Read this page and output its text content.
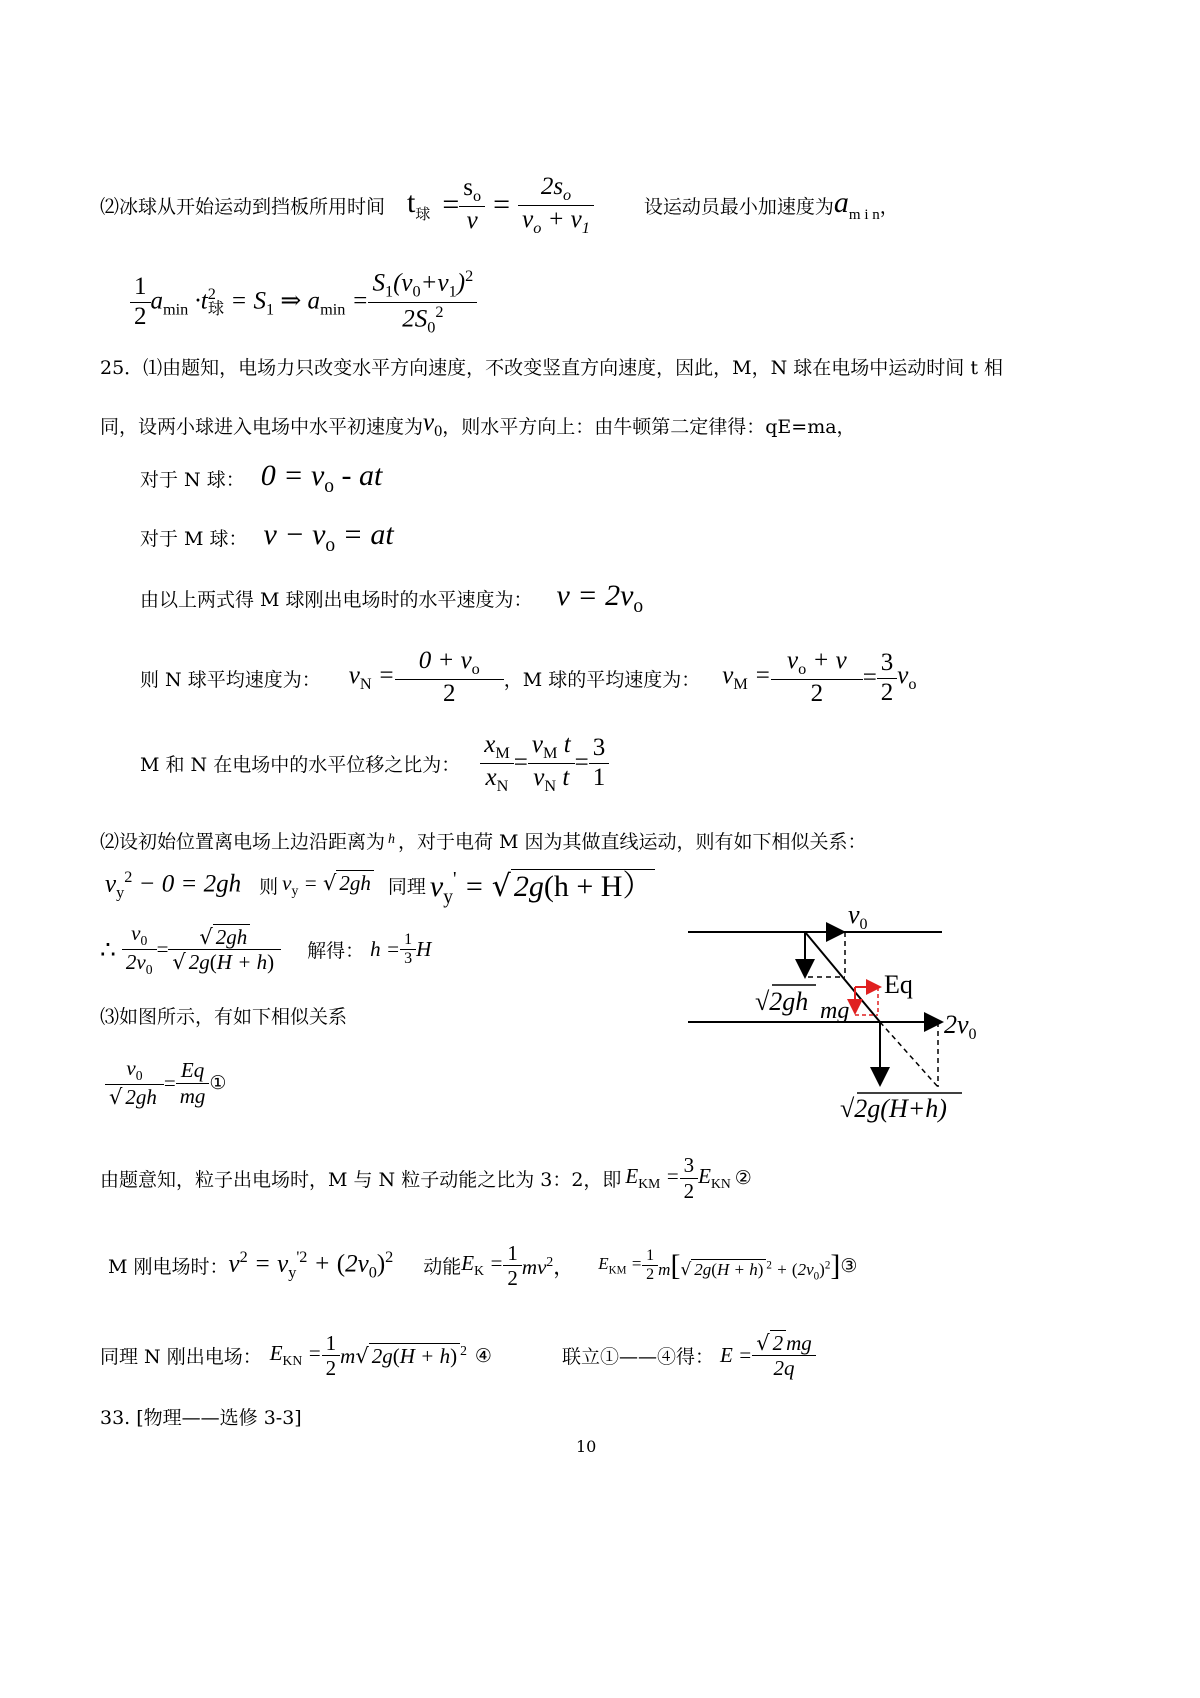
⑵冰球从开始运动到挡板所用时间 $t_球 = \frac{s_o}{v} = \frac{2s_o}{v_o + v_1}$	设运动员最小加速度为 $a_{m i n}$ ，
$\frac{1}{2} a_{min} \cdot t^2_球 = S_1$ ⇒ $a_{min} = \frac{S_1(v_0+v_1)^2}{2S_0^2}$
25．⑴由题知，电场力只改变水平方向速度，不改变竖直方向速度，因此，M，N 球在电场中运动时间 t 相
同，设两小球进入电场中水平初速度为 $v_0$ ，则水平方向上：由牛顿第二定律得：qE=ma，
对于 N 球： $0 = v_o$ - at
对于 M 球： $v - v_o$ = at
由以上两式得 M 球刚出电场时的水平速度为： $v = 2v_o$
则 N 球平均速度为： $v_N = \frac{0 + v_o}{2}$ ，M 球的平均速度为： $v_M = \frac{v_o + v}{2} = \frac{3}{2} v_o$
M 和 N 在电场中的水平位移之比为： $\frac{x_M}{x_N} = \frac{v_M t}{v_N t} = \frac{3}{1}$
⑵设初始位置离电场上边沿距离为 h ，对于电荷 M 因为其做直线运动，则有如下相似关系：
$v_y^2 - 0 = 2gh$ 则 $v_y$ = √ 2gh 同理 $v_y'$ = √ 2g(h + H）
∴ $\frac{v_0}{2v_0} = \frac{√ 2gh}{√ 2g(H + h)}$ 解得： $h = \frac{1}{3}$ H
⑶如图所示，有如下相似关系
$\frac{v_0}{√ 2gh} = \frac{Eq}{mg}$ ①
$v_0$
Eq
√2gh mg	$2v_0$
√2g(H+h)
由题意知，粒子出电场时，M 与 N 粒子动能之比为 3：2，即 $E_{KM} = \frac{3}{2} E_{KN}$ ②
M 刚电场时： $v^2 = v_y^{'2} + (2v_0)^2$ 动能 $E_K = \frac{1}{2} mv^2$， $E_{KM} = \frac{1}{2} m[√$ 2g(H + h) $^2 + (2v_0)^2$] ③
同理 N 刚出电场： $E_{KN} = \frac{1}{2} m√$ 2g(H + h) $^2$ ④	联立①——④得： $E = \frac{√ 2 mg}{2q}$
33. [物理——选修 3-3]
10
